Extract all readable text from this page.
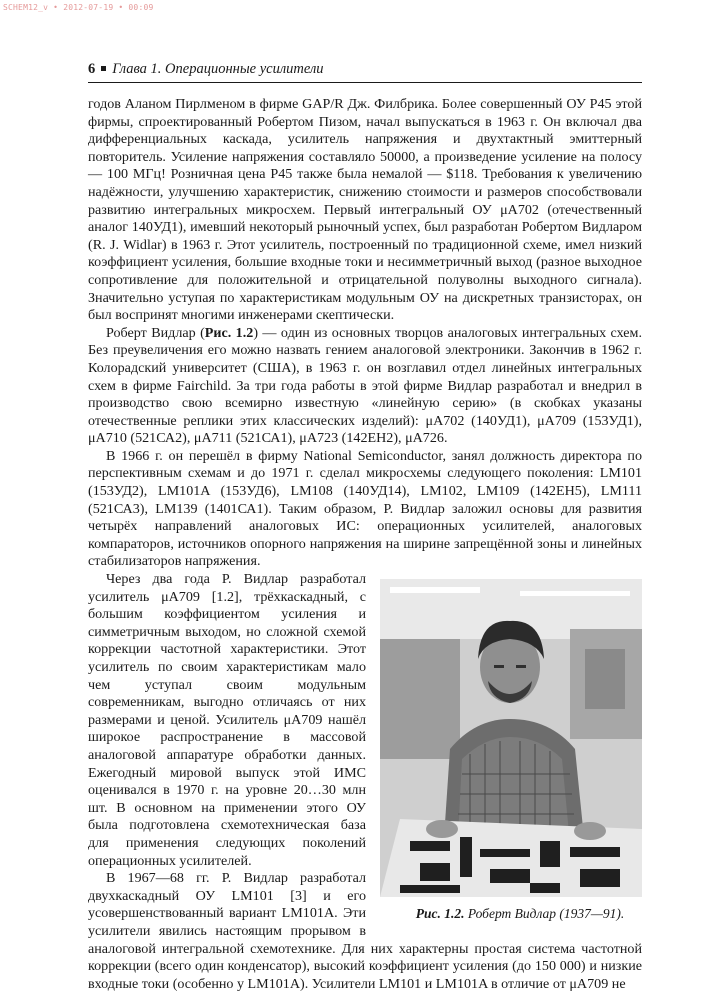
SCHEM12_v • 2012-07-19 • 00:09
6 Глава 1. Операционные усилители

годов Аланом Пирлменом в фирме GAP/R Дж. Филбрика. Более совершенный ОУ Р45 этой фирмы, спроектированный Робертом Пизом, начал выпускаться в 1963 г. Он включал два дифференциальных каскада, усилитель напряжения и двухтактный эмиттерный повторитель. Усиление напряжения составляло 50000, а произведение усиление на полосу — 100 МГц! Розничная цена Р45 также была немалой — $118. Требования к увеличению надёжности, улучшению характеристик, снижению стоимости и размеров способствовали развитию интегральных микросхем. Первый интегральный ОУ μА702 (отечественный аналог 140УД1), имевший некоторый рыночный успех, был разработан Робертом Видларом (R. J. Widlar) в 1963 г. Этот усилитель, построенный по традиционной схеме, имел низкий коэффициент усиления, большие входные токи и несимметричный выход (разное выходное сопротивление для положительной и отрицательной полуволны выходного сигнала). Значительно уступая по характеристикам модульным ОУ на дискретных транзисторах, он был воспринят многими инженерами скептически.

Роберт Видлар (Рис. 1.2) — один из основных творцов аналоговых интегральных схем. Без преувеличения его можно назвать гением аналоговой электроники. Закончив в 1962 г. Колорадский университет (США), в 1963 г. он возглавил отдел линейных интегральных схем в фирме Fairchild. За три года работы в этой фирме Видлар разработал и внедрил в производство свою всемирно известную «линейную серию» (в скобках указаны отечественные реплики этих классических изделий): μА702 (140УД1), μА709 (153УД1), μА710 (521СА2), μА711 (521СА1), μА723 (142ЕН2), μА726.

В 1966 г. он перешёл в фирму National Semiconductor, занял должность директора по перспективным схемам и до 1971 г. сделал микросхемы следующего поколения: LM101 (153УД2), LM101A (153УД6), LM108 (140УД14), LM102, LM109 (142ЕН5), LM111 (521СА3), LM139 (1401СА1). Таким образом, Р. Видлар заложил основы для развития четырёх направлений аналоговых ИС: операционных усилителей, аналоговых компараторов, источников опорного напряжения на ширине запрещённой зоны и линейных стабилизаторов напряжения.

Рис. 1.2. Роберт Видлар (1937—91).
Через два года Р. Видлар разработал усилитель μА709 [1.2], трёхкаскадный, с большим коэффициентом усиления и симметричным выходом, но сложной схемой коррекции частотной характеристики. Этот усилитель по своим характеристикам мало чем уступал своим модульным современникам, выгодно отличаясь от них размерами и ценой. Усилитель μА709 нашёл широкое распространение в массовой аналоговой аппаратуре обработки данных. Ежегодный мировой выпуск этой ИМС оценивался в 1970 г. на уровне 20…30 млн шт. В основном на применении этого ОУ была подготовлена схемотехническая база для применения следующих поколений операционных усилителей.

В 1967—68 гг. Р. Видлар разработал двухкаскадный ОУ LM101 [3] и его усовершенствованный вариант LM101A. Эти усилители явились настоящим прорывом в аналоговой интегральной схемотехнике. Для них характерны простая система частотной коррекции (всего один конденсатор), высокий коэффициент усиления (до 150 000) и низкие входные токи (особенно у LM101A). Усилители LM101 и LM101A в отличие от μА709 не
